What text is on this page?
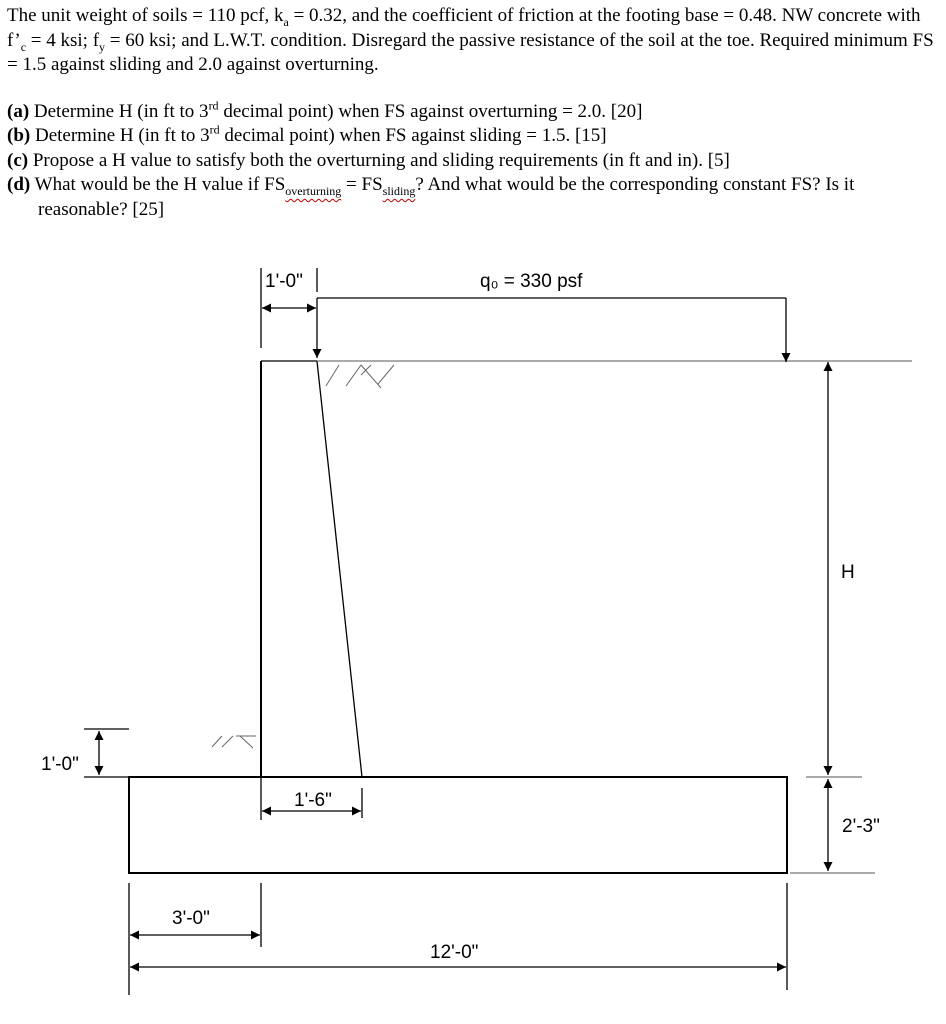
The unit weight of soils = 110 pcf, $k_a = 0.32$, and the coefficient of friction at the footing base = 0.48. NW concrete with $f’_c = 4$ ksi; $f_y = 60$ ksi; and L.W.T. condition. Disregard the passive resistance of the soil at the toe. Required minimum FS = 1.5 against sliding and 2.0 against overturning.

(a) Determine H (in ft to 3rd decimal point) when FS against overturning = 2.0. [20]

(b) Determine H (in ft to 3rd decimal point) when FS against sliding = 1.5. [15]

(c) Propose a H value to satisfy both the overturning and sliding requirements (in ft and in). [5]

(d) What would be the H value if $FS_{overturning} = FS_{sliding}$? And what would be the corresponding constant FS? Is it reasonable? [25]

q₀ = 330 psf
1'-0"
1'-6"
1'-0"
H
2'-3"
3'-0"
12'-0"
